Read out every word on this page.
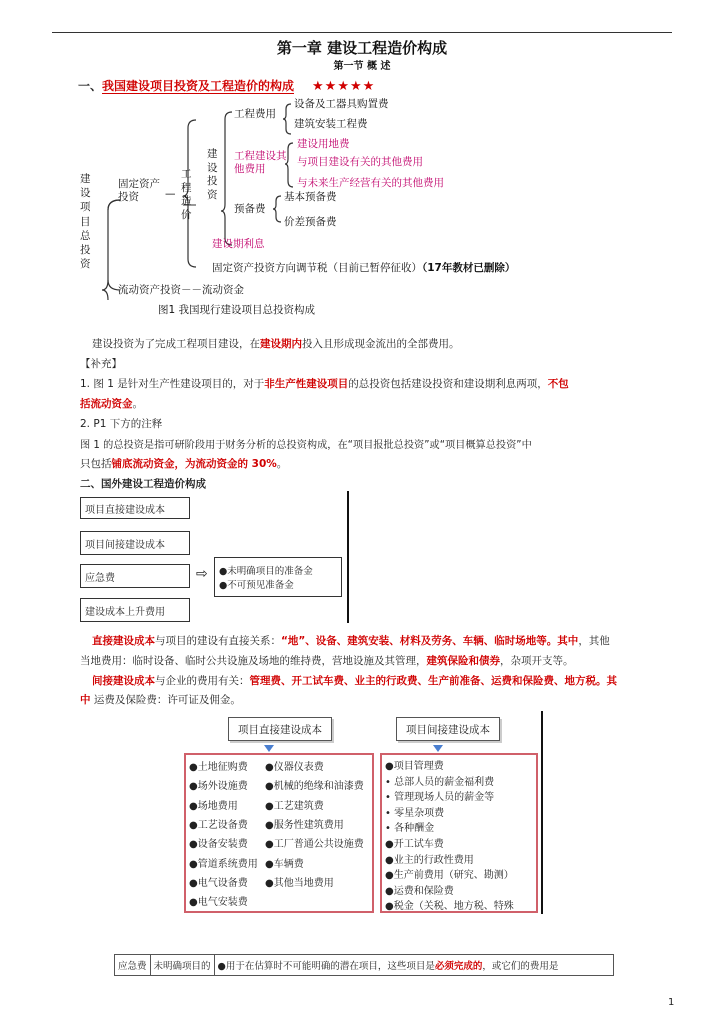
第一章 建设工程造价构成
第一节 概 述
一、我国建设项目投资及工程造价的构成 ★★★★★
建设项目总投资
固定资产投资	—
工程造价
建设投资
工程费用
设备及工器具购置费
建筑安装工程费
工程建设其他费用
建设用地费
与项目建设有关的其他费用
与未来生产经营有关的其他费用
预备费
基本预备费
价差预备费
建设期利息
固定资产投资方向调节税（目前已暂停征收）（17年教材已删除）
流动资产投资－－流动资金
图1 我国现行建设项目总投资构成
建设投资为了完成工程项目建设，在建设期内投入且形成现金流出的全部费用。
【补充】
1. 图 1 是针对生产性建设项目的，对于非生产性建设项目的总投资包括建设投资和建设期利息两项，不包
括流动资金。
2. P1 下方的注释
图 1 的总投资是指可研阶段用于财务分析的总投资构成，在“项目报批总投资”或“项目概算总投资”中
只包括铺底流动资金，为流动资金的 30%。
二、国外建设工程造价构成
项目直接建设成本
项目间接建设成本
应急费
建设成本上升费用
⇨ ●未明确项目的准备金
●不可预见准备金
直接建设成本与项目的建设有直接关系：“地”、设备、建筑安装、材料及劳务、车辆、临时场地等。其中，其他
当地费用：临时设备、临时公共设施及场地的维持费，营地设施及其管理，建筑保险和债券，杂项开支等。
间接建设成本与企业的费用有关：管理费、开工试车费、业主的行政费、生产前准备、运费和保险费、地方税。其
中 运费及保险费：许可证及佣金。
项目直接建设成本	项目间接建设成本
●土地征购费
●场外设施费
●场地费用
●工艺设备费
●设备安装费
●管道系统费用
●电气设备费
●电气安装费
●仪器仪表费
●机械的绝缘和油漆费
●工艺建筑费
●服务性建筑费用
●工厂普通公共设施费
●车辆费
●其他当地费用
●项目管理费
• 总部人员的薪金福利费
• 管理现场人员的薪金等
• 零星杂项费
• 各种酬金
●开工试车费
●业主的行政性费用
●生产前费用（研究、勘测）
●运费和保险费
●税金（关税、地方税、特殊
应急费 未明确项目的 ●用于在估算时不可能明确的潜在项目，这些项目是 必须完成的 ，或它们的费用是
1
